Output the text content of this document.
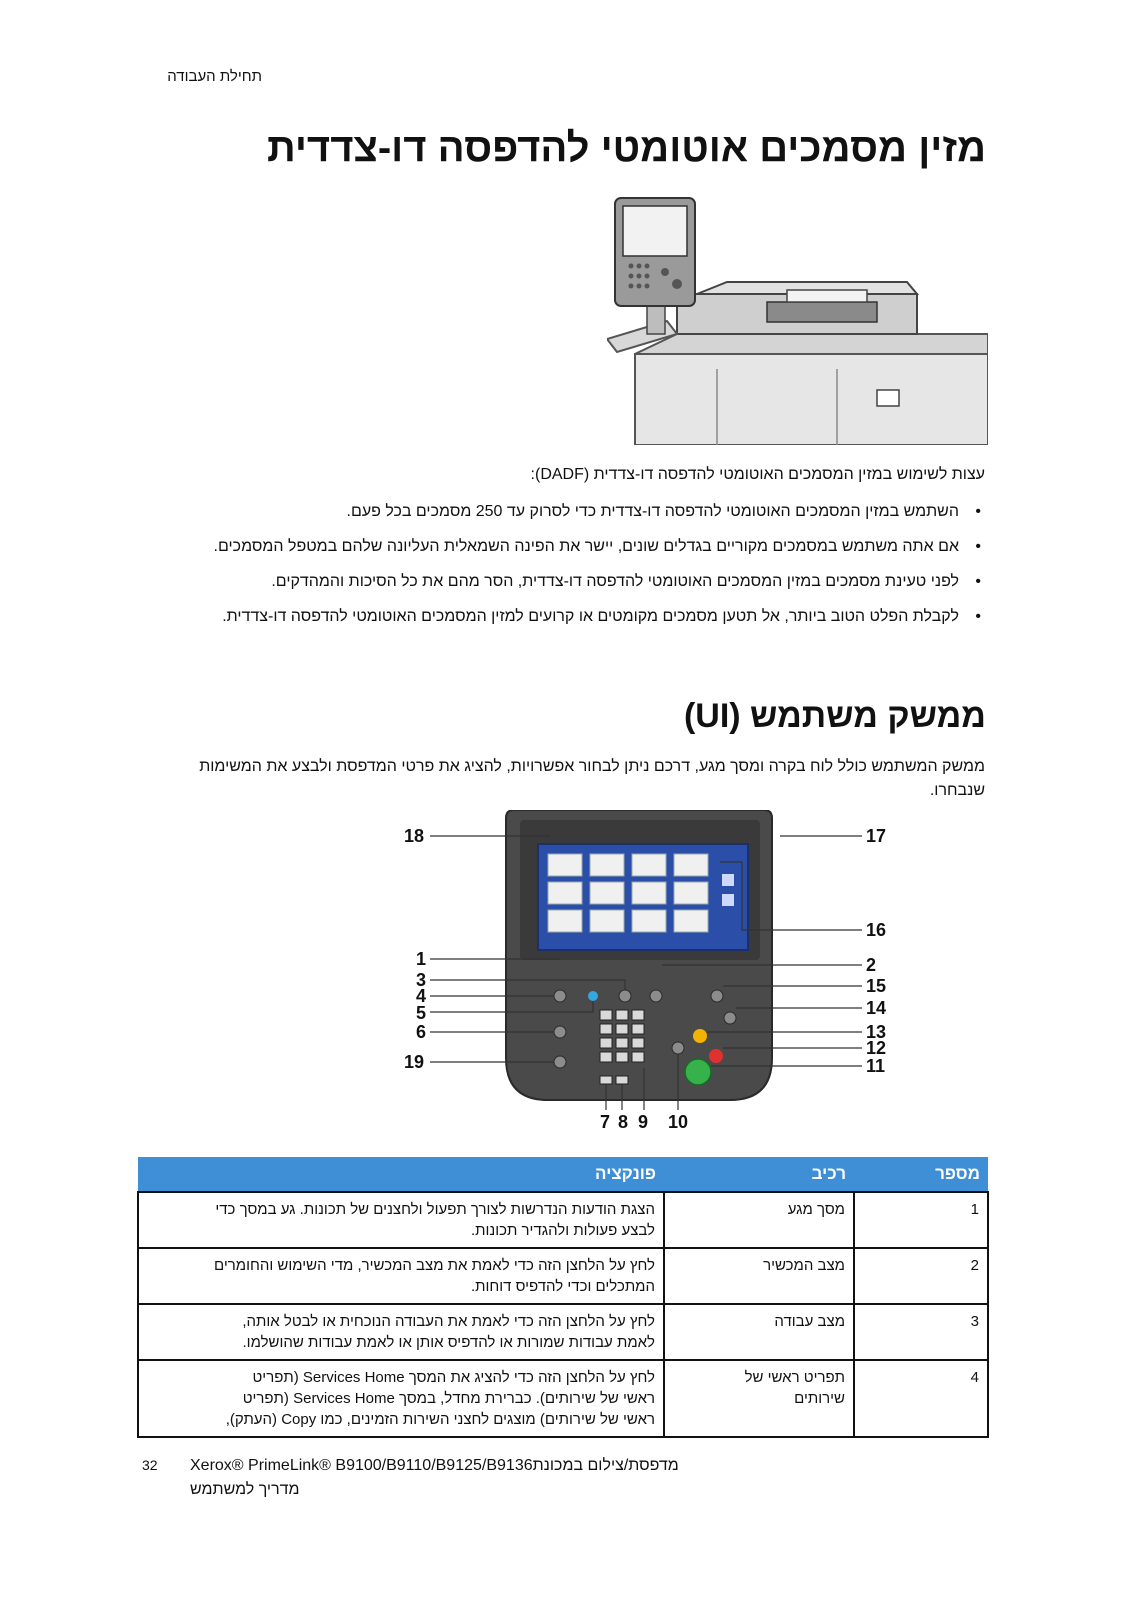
תחילת העבודה
מזין מסמכים אוטומטי להדפסה דו-צדדית
עצות לשימוש במזין המסמכים האוטומטי להדפסה דו-צדדית (DADF):
• השתמש במזין המסמכים האוטומטי להדפסה דו-צדדית כדי לסרוק עד 250 מסמכים בכל פעם.
• אם אתה משתמש במסמכים מקוריים בגדלים שונים, יישר את הפינה השמאלית העליונה שלהם במטפל המסמכים.
• לפני טעינת מסמכים במזין המסמכים האוטומטי להדפסה דו-צדדית, הסר מהם את כל הסיכות והמהדקים.
• לקבלת הפלט הטוב ביותר, אל תטען מסמכים מקומטים או קרועים למזין המסמכים האוטומטי להדפסה דו-צדדית.
ממשק משתמש (UI)
ממשק המשתמש כולל לוח בקרה ומסך מגע, דרכם ניתן לבחור אפשרויות, להציג את פרטי המדפסת ולבצע את המשימות שנבחרו.
18
1
3
4
5
6
19
17
16
2
15
14
13
12
11
7 8 9 10
מספר	רכיב	פונקציה
1	מסך מגע	הצגת הודעות הנדרשות לצורך תפעול ולחצנים של תכונות. גע במסך כדי
לבצע פעולות ולהגדיר תכונות.

2	מצב המכשיר	לחץ על הלחצן הזה כדי לאמת את מצב המכשיר, מדי השימוש והחומרים
המתכלים וכדי להדפיס דוחות.

3	מצב עבודה	לחץ על הלחצן הזה כדי לאמת את העבודה הנוכחית או לבטל אותה,
לאמת עבודות שמורות או להדפיס אותן או לאמת עבודות שהושלמו.

4	תפריט ראשי של
שירותים	לחץ על הלחצן הזה כדי להציג את המסך Services Home (תפריט
ראשי של שירותים). כברירת מחדל, במסך Services Home (תפריט
ראשי של שירותים) מוצגים לחצני השירות הזמינים, כמו Copy (העתק),
32 Xerox® PrimeLink® B9100/B9110/B9125/B9136מדפסת/צילום במכונת
מדריך למשתמש
